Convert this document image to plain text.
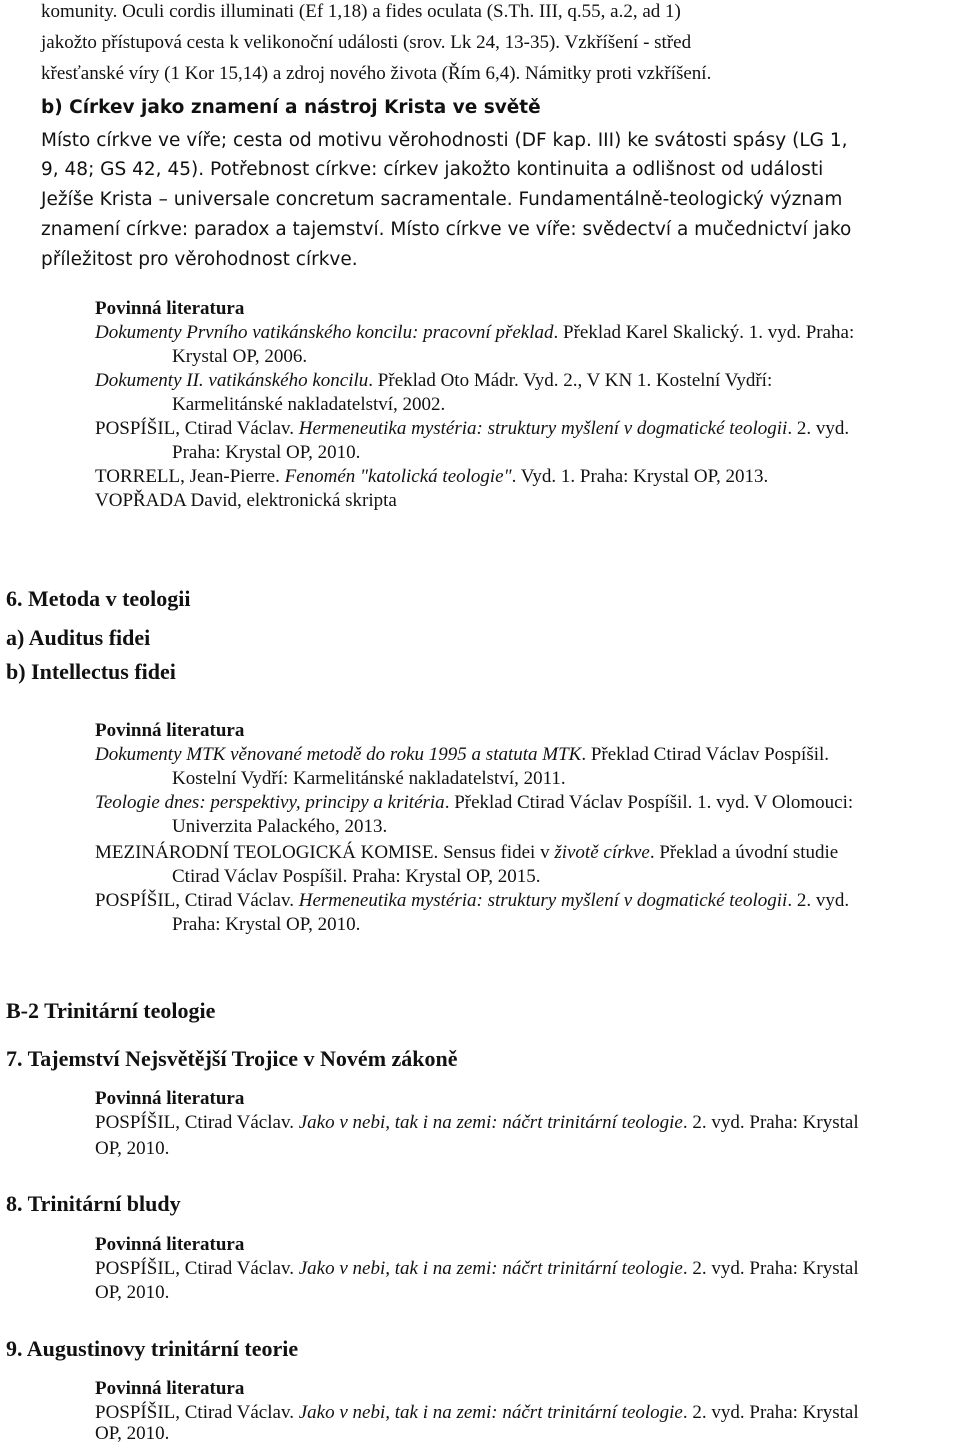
komunity. Oculi cordis illuminati (Ef 1,18) a fides oculata (S.Th. III, q.55, a.2, ad 1)
jakožto přístupová cesta k velikonoční události (srov. Lk 24, 13-35). Vzkříšení - střed
křesťanské víry (1 Kor 15,14) a zdroj nového života (Řím 6,4). Námitky proti vzkříšení.
b) Církev jako znamení a nástroj Krista ve světě
Místo církve ve víře; cesta od motivu věrohodnosti (DF kap. III) ke svátosti spásy (LG 1,
9, 48; GS 42, 45). Potřebnost církve: církev jakožto kontinuita a odlišnost od události
Ježíše Krista – universale concretum sacramentale. Fundamentálně-teologický význam
znamení církve: paradox a tajemství. Místo církve ve víře: svědectví a mučednictví jako
příležitost pro věrohodnost církve.
Povinná literatura
Dokumenty Prvního vatikánského koncilu: pracovní překlad. Překlad Karel Skalický. 1. vyd. Praha:
Krystal OP, 2006.
Dokumenty II. vatikánského koncilu. Překlad Oto Mádr. Vyd. 2., V KN 1. Kostelní Vydří:
Karmelitánské nakladatelství, 2002.
POSPÍŠIL, Ctirad Václav. Hermeneutika mystéria: struktury myšlení v dogmatické teologii. 2. vyd.
Praha: Krystal OP, 2010.
TORRELL, Jean-Pierre. Fenomén "katolická teologie". Vyd. 1. Praha: Krystal OP, 2013.
VOPŘADA David, elektronická skripta
6. Metoda v teologii
a) Auditus fidei
b) Intellectus fidei
Povinná literatura
Dokumenty MTK věnované metodě do roku 1995 a statuta MTK. Překlad Ctirad Václav Pospíšil.
Kostelní Vydří: Karmelitánské nakladatelství, 2011.
Teologie dnes: perspektivy, principy a kritéria. Překlad Ctirad Václav Pospíšil. 1. vyd. V Olomouci:
Univerzita Palackého, 2013.
MEZINÁRODNÍ TEOLOGICKÁ KOMISE. Sensus fidei v životě církve. Překlad a úvodní studie
Ctirad Václav Pospíšil. Praha: Krystal OP, 2015.
POSPÍŠIL, Ctirad Václav. Hermeneutika mystéria: struktury myšlení v dogmatické teologii. 2. vyd.
Praha: Krystal OP, 2010.
B-2 Trinitární teologie
7. Tajemství Nejsvětější Trojice v Novém zákoně
Povinná literatura
POSPÍŠIL, Ctirad Václav. Jako v nebi, tak i na zemi: náčrt trinitární teologie. 2. vyd. Praha: Krystal
OP, 2010.
8. Trinitární bludy
Povinná literatura
POSPÍŠIL, Ctirad Václav. Jako v nebi, tak i na zemi: náčrt trinitární teologie. 2. vyd. Praha: Krystal
OP, 2010.
9. Augustinovy trinitární teorie
Povinná literatura
POSPÍŠIL, Ctirad Václav. Jako v nebi, tak i na zemi: náčrt trinitární teologie. 2. vyd. Praha: Krystal
OP, 2010.
